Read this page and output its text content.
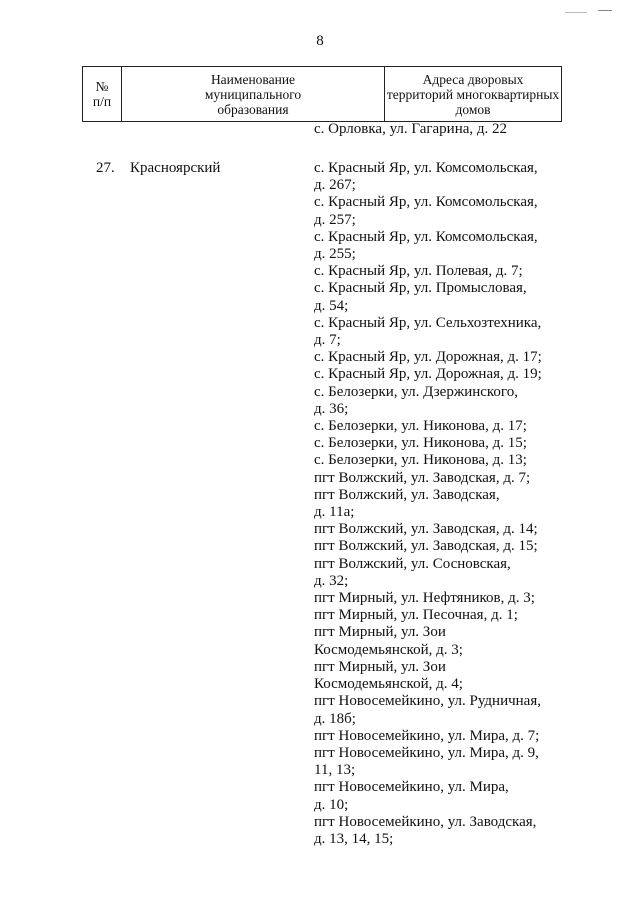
8
№
п/п
Наименование
муниципального
образования
Адреса дворовых
территорий многоквартирных
домов
с. Орловка, ул. Гагарина, д. 22
27. Красноярский	с. Красный Яр, ул. Комсомольская,
д. 267;
с. Красный Яр, ул. Комсомольская,
д. 257;
с. Красный Яр, ул. Комсомольская,
д. 255;
с. Красный Яр, ул. Полевая, д. 7;
с. Красный Яр, ул. Промысловая,
д. 54;
с. Красный Яр, ул. Сельхозтехника,
д. 7;
с. Красный Яр, ул. Дорожная, д. 17;
с. Красный Яр, ул. Дорожная, д. 19;
с. Белозерки, ул. Дзержинского,
д. 36;
с. Белозерки, ул. Никонова, д. 17;
с. Белозерки, ул. Никонова, д. 15;
с. Белозерки, ул. Никонова, д. 13;
пгт Волжский, ул. Заводская, д. 7;
пгт Волжский, ул. Заводская,
д. 11а;
пгт Волжский, ул. Заводская, д. 14;
пгт Волжский, ул. Заводская, д. 15;
пгт Волжский, ул. Сосновская,
д. 32;
пгт Мирный, ул. Нефтяников, д. 3;
пгт Мирный, ул. Песочная, д. 1;
пгт Мирный, ул. Зои
Космодемьянской, д. 3;
пгт Мирный, ул. Зои
Космодемьянской, д. 4;
пгт Новосемейкино, ул. Рудничная,
д. 18б;
пгт Новосемейкино, ул. Мира, д. 7;
пгт Новосемейкино, ул. Мира, д. 9,
11, 13;
пгт Новосемейкино, ул. Мира,
д. 10;
пгт Новосемейкино, ул. Заводская,
д. 13, 14, 15;
